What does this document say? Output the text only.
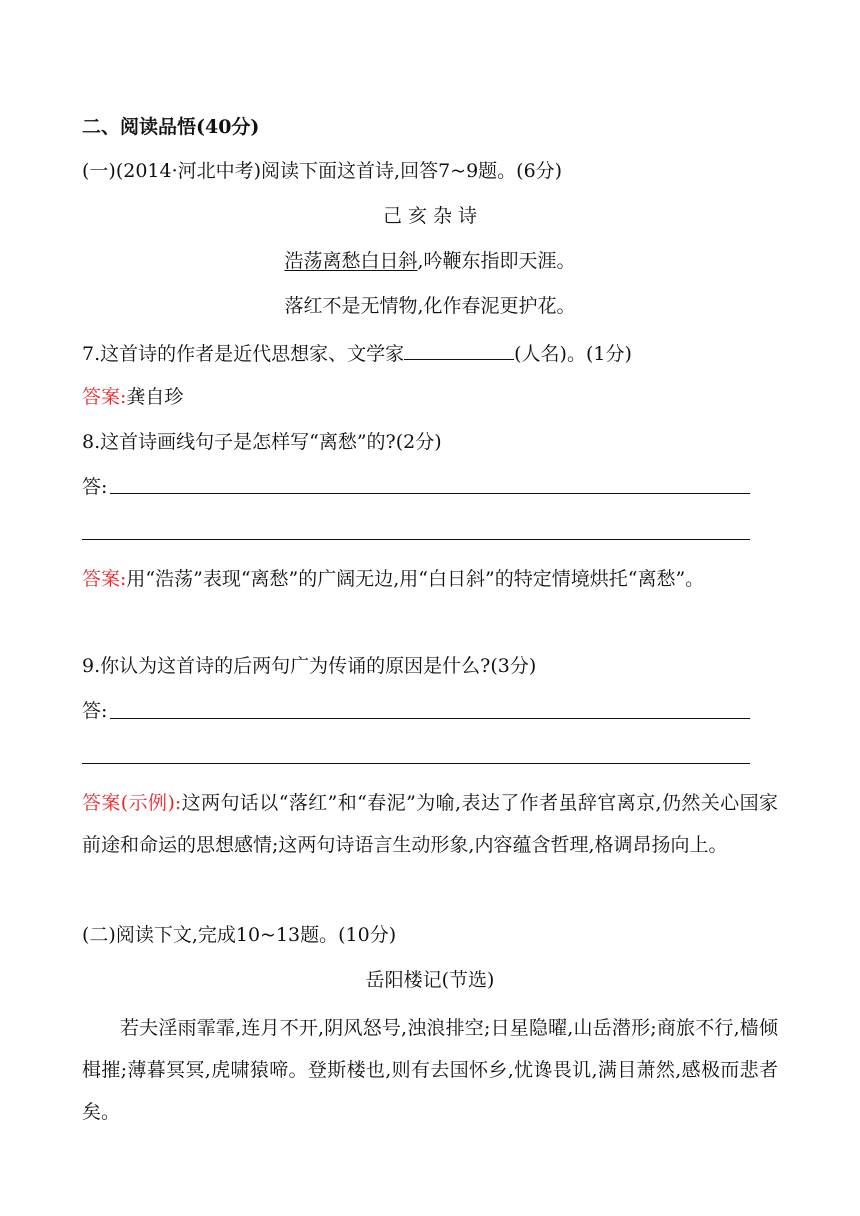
二、阅读品悟(40分)
(一)(2014·河北中考)阅读下面这首诗,回答7~9题。(6分)
己 亥 杂 诗
浩荡离愁白日斜,吟鞭东指即天涯。
落红不是无情物,化作春泥更护花。
7.这首诗的作者是近代思想家、文学家	(人名)。(1分)
答案:龚自珍
8.这首诗画线句子是怎样写“离愁”的?(2分)
答:
答案:用“浩荡”表现“离愁”的广阔无边,用“白日斜”的特定情境烘托“离愁”。
9.你认为这首诗的后两句广为传诵的原因是什么?(3分)
答:
答案(示例):这两句话以“落红”和“春泥”为喻,表达了作者虽辞官离京,仍然关心国家前途和命运的思想感情;这两句诗语言生动形象,内容蕴含哲理,格调昂扬向上。
(二)阅读下文,完成10~13题。(10分)
岳阳楼记(节选)
若夫淫雨霏霏,连月不开,阴风怒号,浊浪排空;日星隐曜,山岳潜形;商旅不行,樯倾楫摧;薄暮冥冥,虎啸猿啼。登斯楼也,则有去国怀乡,忧谗畏讥,满目萧然,感极而悲者矣。
